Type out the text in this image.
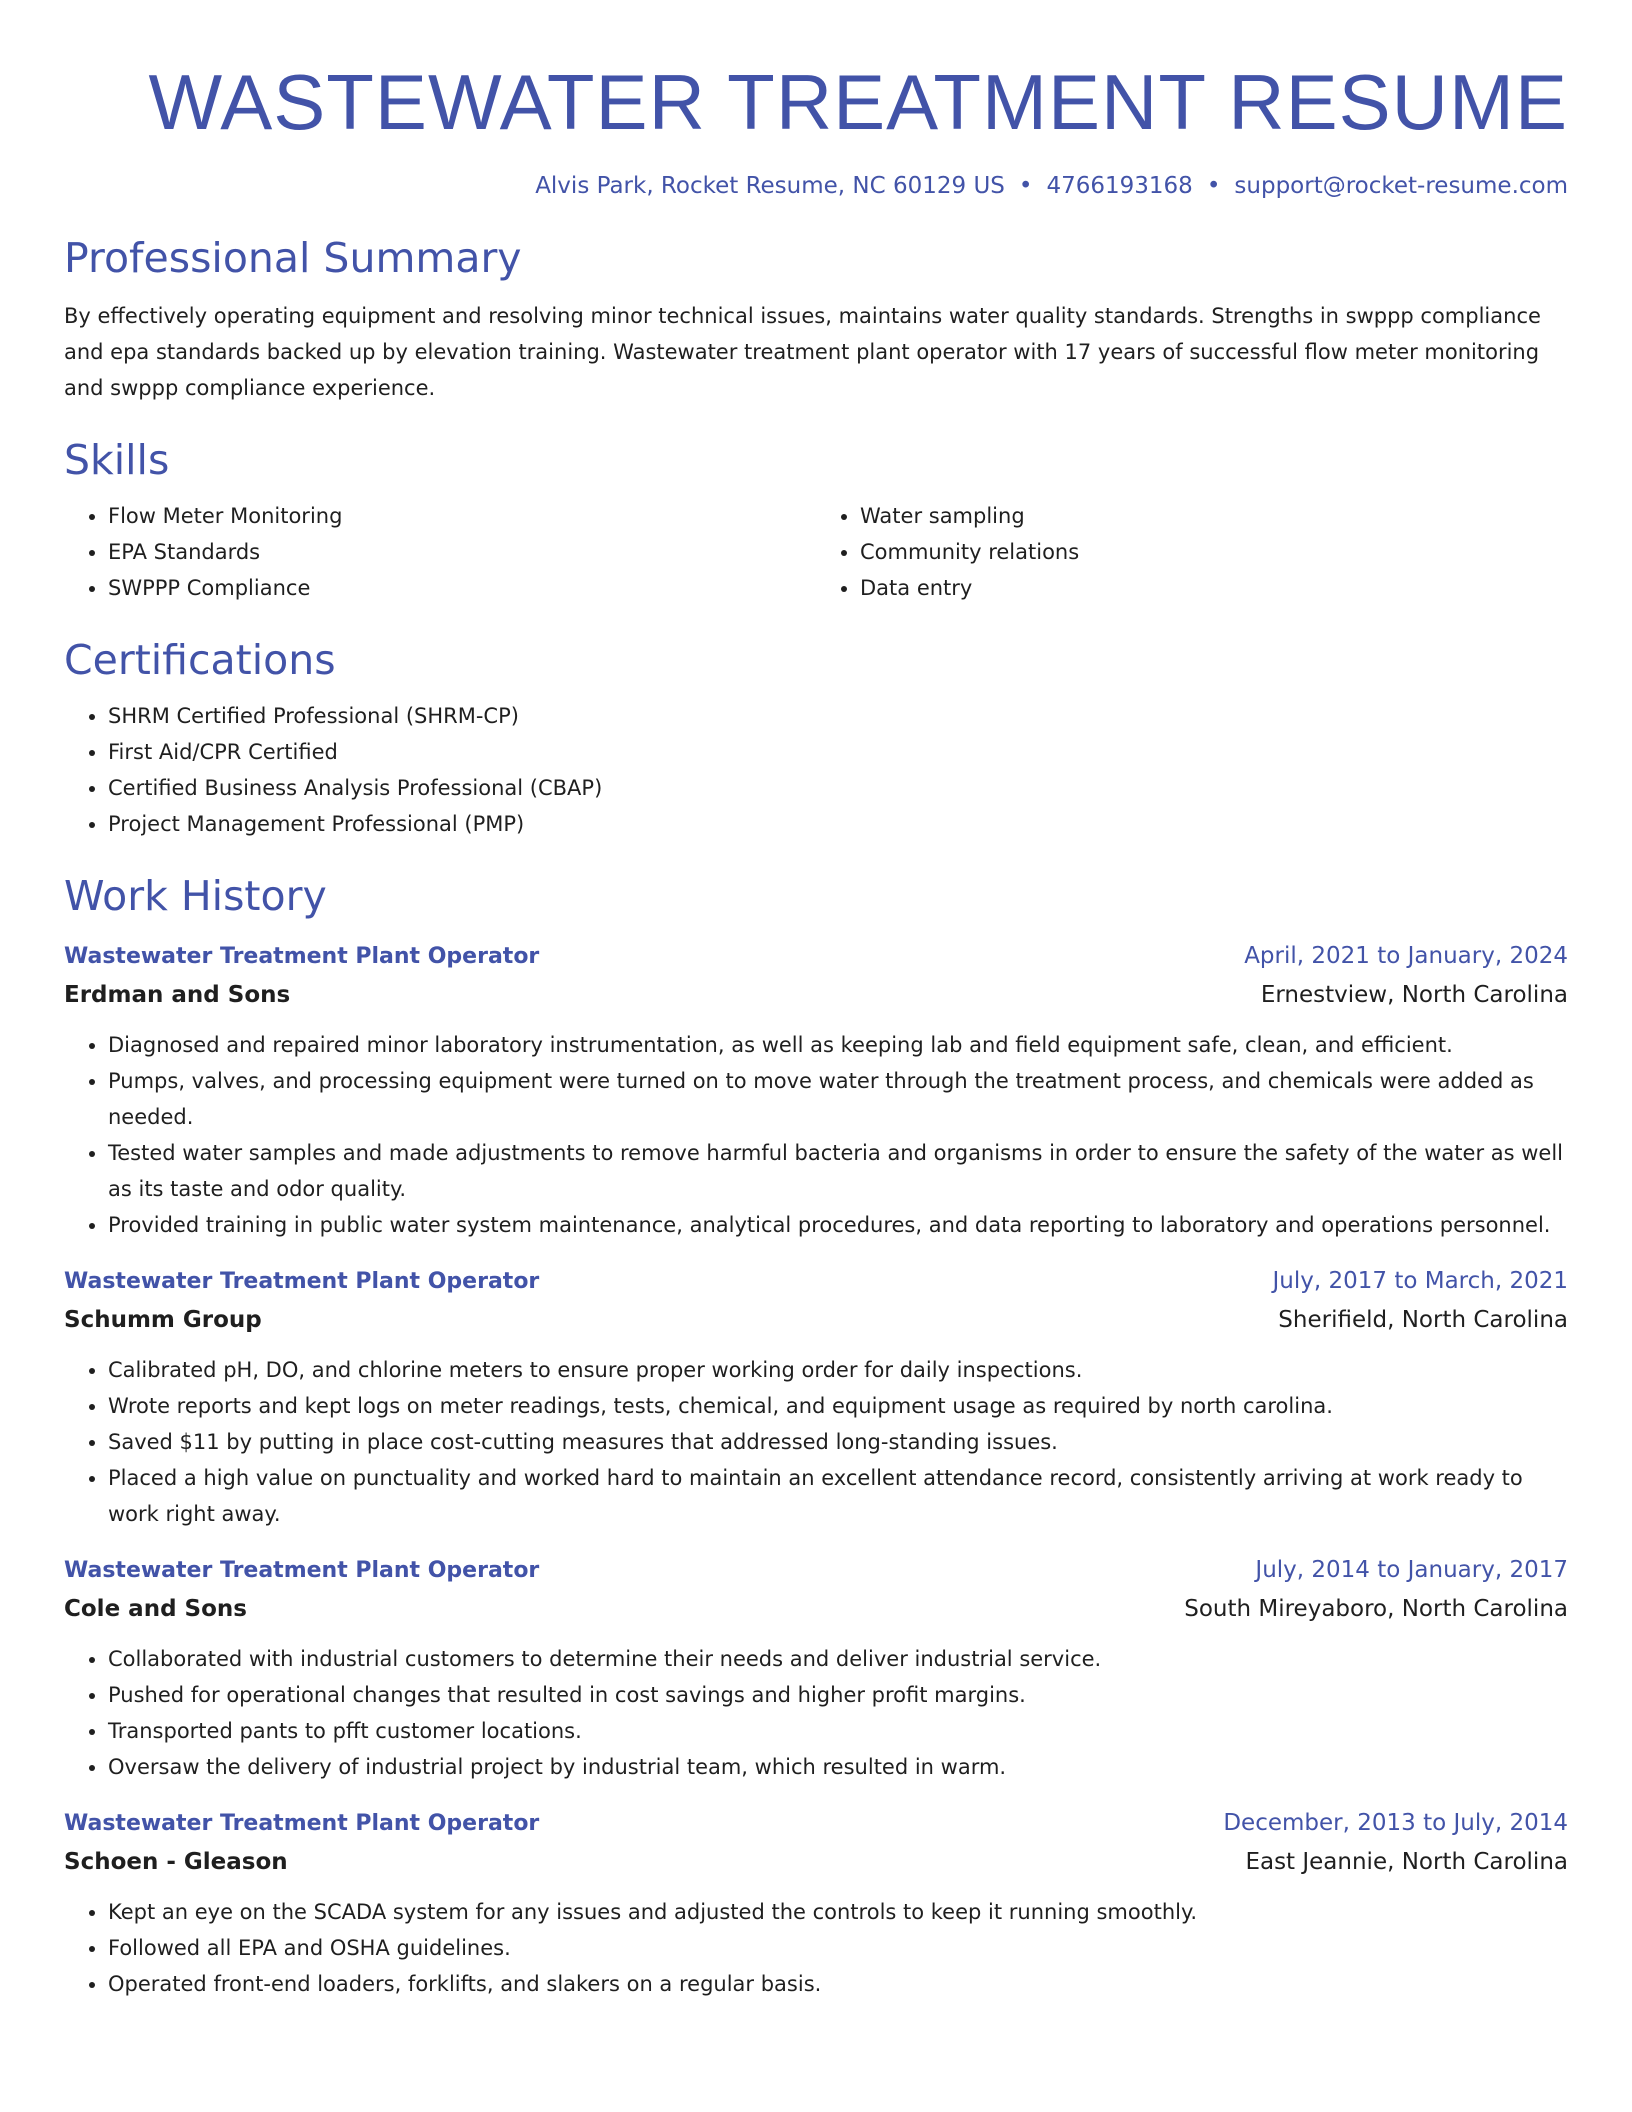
WASTEWATER TREATMENT RESUME
Alvis Park, Rocket Resume, NC 60129 US • 4766193168 • support@rocket-resume.com
Professional Summary

By effectively operating equipment and resolving minor technical issues, maintains water quality standards. Strengths in swppp compliance and epa standards backed up by elevation training. Wastewater treatment plant operator with 17 years of successful flow meter monitoring and swppp compliance experience.

Skills
• Flow Meter Monitoring
• EPA Standards
• SWPPP Compliance
• Water sampling
• Community relations
• Data entry
Certifications
• SHRM Certified Professional (SHRM-CP)
• First Aid/CPR Certified
• Certified Business Analysis Professional (CBAP)
• Project Management Professional (PMP)
Work History
Wastewater Treatment Plant Operator	April, 2021 to January, 2024
Erdman and Sons	Ernestview, North Carolina
• Diagnosed and repaired minor laboratory instrumentation, as well as keeping lab and field equipment safe, clean, and efficient.
• Pumps, valves, and processing equipment were turned on to move water through the treatment process, and chemicals were added as needed.
• Tested water samples and made adjustments to remove harmful bacteria and organisms in order to ensure the safety of the water as well as its taste and odor quality.
• Provided training in public water system maintenance, analytical procedures, and data reporting to laboratory and operations personnel.
Wastewater Treatment Plant Operator	July, 2017 to March, 2021
Schumm Group	Sherifield, North Carolina
• Calibrated pH, DO, and chlorine meters to ensure proper working order for daily inspections.
• Wrote reports and kept logs on meter readings, tests, chemical, and equipment usage as required by north carolina.
• Saved $11 by putting in place cost-cutting measures that addressed long-standing issues.
• Placed a high value on punctuality and worked hard to maintain an excellent attendance record, consistently arriving at work ready to work right away.
Wastewater Treatment Plant Operator	July, 2014 to January, 2017
Cole and Sons	South Mireyaboro, North Carolina
• Collaborated with industrial customers to determine their needs and deliver industrial service.
• Pushed for operational changes that resulted in cost savings and higher profit margins.
• Transported pants to pfft customer locations.
• Oversaw the delivery of industrial project by industrial team, which resulted in warm.
Wastewater Treatment Plant Operator	December, 2013 to July, 2014
Schoen - Gleason	East Jeannie, North Carolina
• Kept an eye on the SCADA system for any issues and adjusted the controls to keep it running smoothly.
• Followed all EPA and OSHA guidelines.
• Operated front-end loaders, forklifts, and slakers on a regular basis.
